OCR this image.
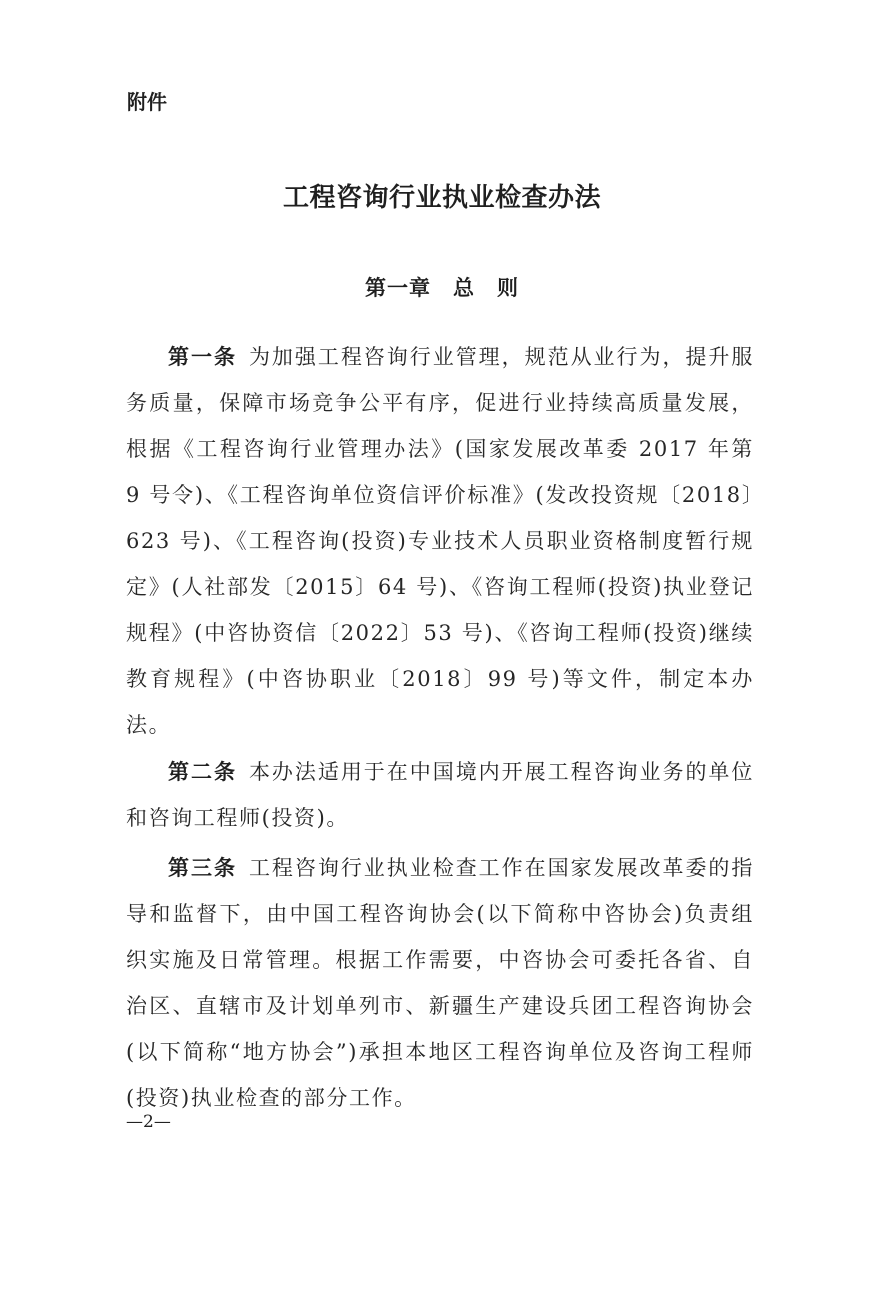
附件
工程咨询行业执业检查办法
第一章 总　则

第一条 为加强工程咨询行业管理，规范从业行为，提升服务质量，保障市场竞争公平有序，促进行业持续高质量发展，根据《工程咨询行业管理办法》(国家发展改革委 2017 年第 9 号令)、《工程咨询单位资信评价标准》(发改投资规〔2018〕623 号)、《工程咨询(投资)专业技术人员职业资格制度暂行规定》(人社部发〔2015〕64 号)、《咨询工程师(投资)执业登记规程》(中咨协资信〔2022〕53 号)、《咨询工程师(投资)继续教育规程》(中咨协职业〔2018〕99 号)等文件，制定本办法。

第二条 本办法适用于在中国境内开展工程咨询业务的单位和咨询工程师(投资)。

第三条 工程咨询行业执业检查工作在国家发展改革委的指导和监督下，由中国工程咨询协会(以下简称中咨协会)负责组织实施及日常管理。根据工作需要，中咨协会可委托各省、自治区、直辖市及计划单列市、新疆生产建设兵团工程咨询协会(以下简称“地方协会”)承担本地区工程咨询单位及咨询工程师(投资)执业检查的部分工作。

—2—
